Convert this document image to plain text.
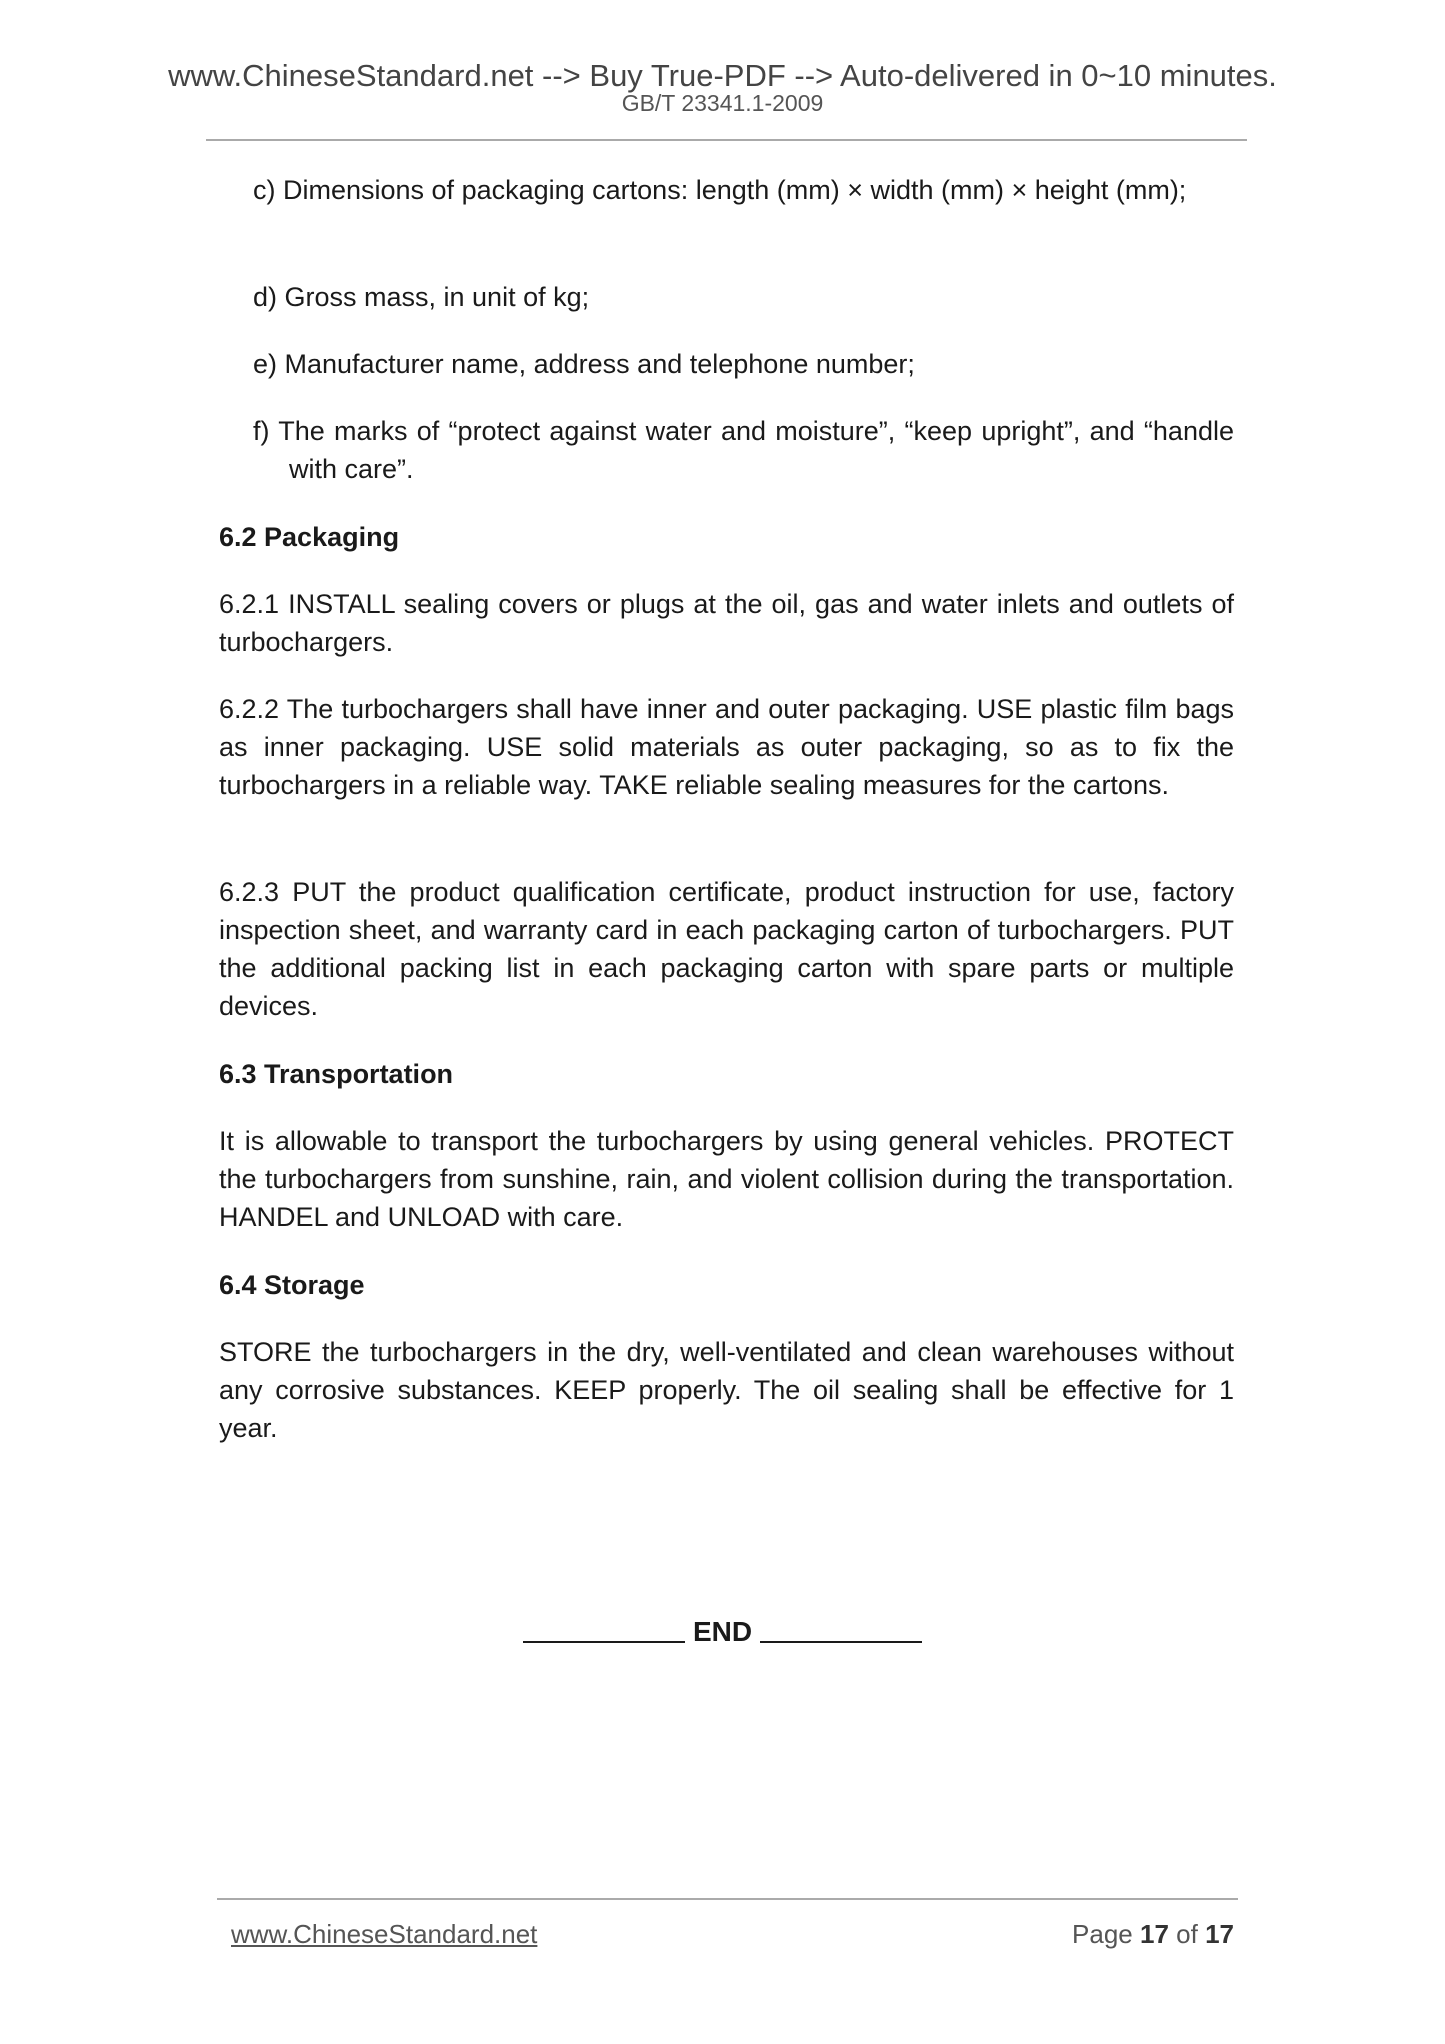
www.ChineseStandard.net --> Buy True-PDF --> Auto-delivered in 0~10 minutes.
GB/T 23341.1-2009

c) Dimensions of packaging cartons: length (mm) × width (mm) × height (mm);

d) Gross mass, in unit of kg;

e) Manufacturer name, address and telephone number;

f) The marks of “protect against water and moisture”, “keep upright”, and “handle with care”.

6.2 Packaging

6.2.1 INSTALL sealing covers or plugs at the oil, gas and water inlets and outlets of turbochargers.

6.2.2 The turbochargers shall have inner and outer packaging. USE plastic film bags as inner packaging. USE solid materials as outer packaging, so as to fix the turbochargers in a reliable way. TAKE reliable sealing measures for the cartons.

6.2.3 PUT the product qualification certificate, product instruction for use, factory inspection sheet, and warranty card in each packaging carton of turbochargers. PUT the additional packing list in each packaging carton with spare parts or multiple devices.

6.3 Transportation

It is allowable to transport the turbochargers by using general vehicles. PROTECT the turbochargers from sunshine, rain, and violent collision during the transportation. HANDEL and UNLOAD with care.

6.4 Storage

STORE the turbochargers in the dry, well-ventilated and clean warehouses without any corrosive substances. KEEP properly. The oil sealing shall be effective for 1 year.

END
www.ChineseStandard.net	Page 17 of 17
